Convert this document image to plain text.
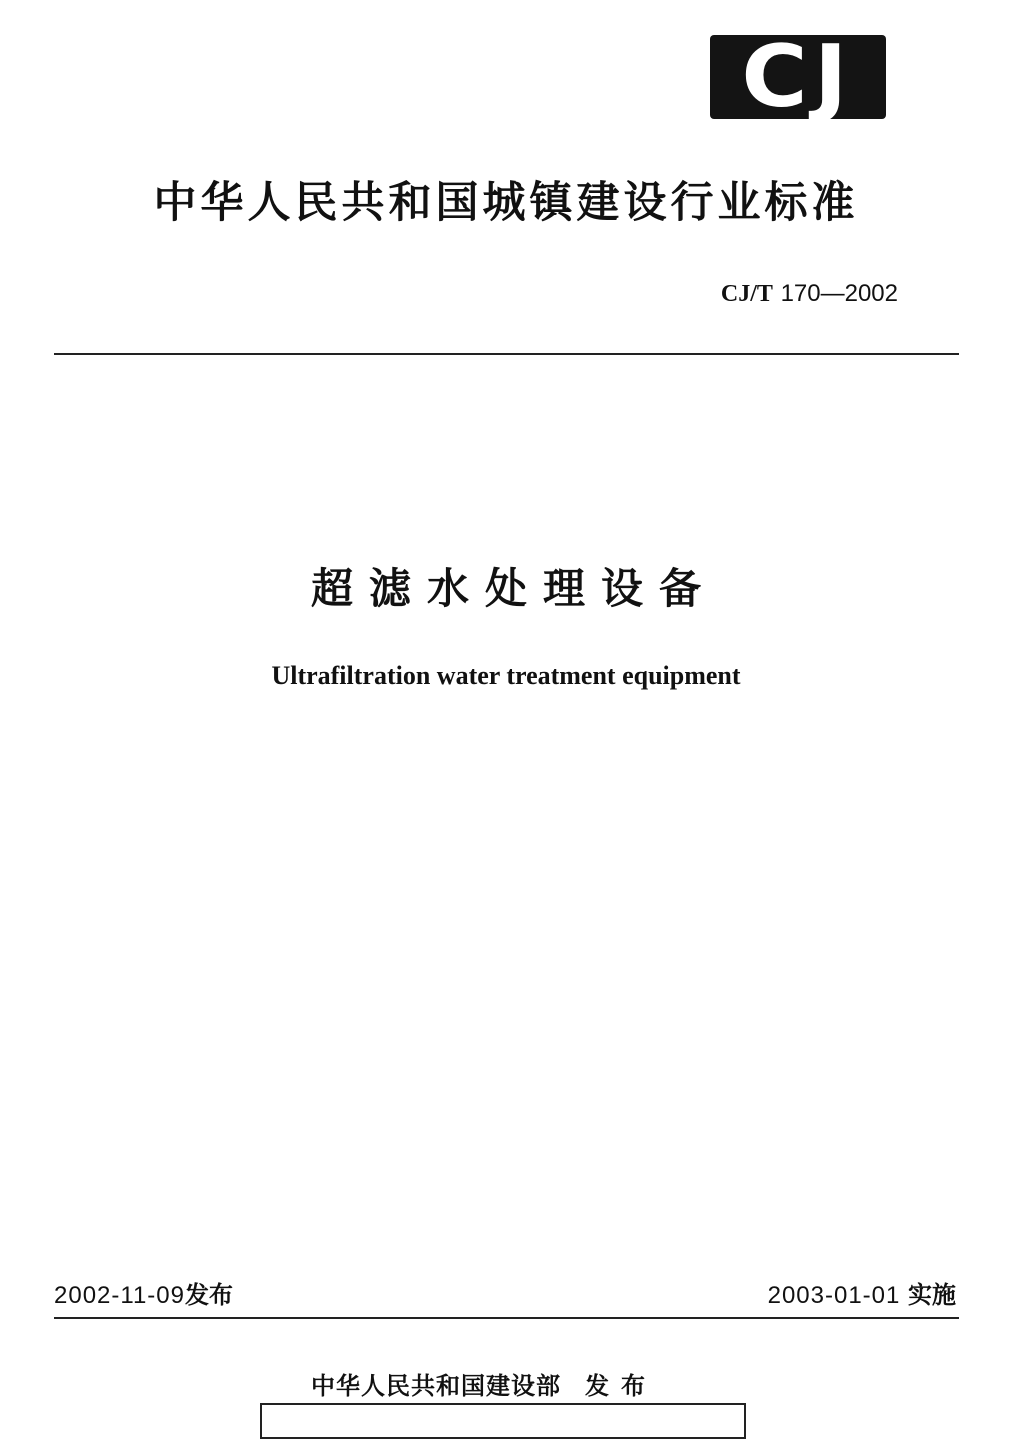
CJ
中华人民共和国城镇建设行业标准
CJ/T 170—2002
超滤水处理设备
Ultrafiltration water treatment equipment
2002-11-09发布	2003-01-01 实施
中华人民共和国建设部 发布
